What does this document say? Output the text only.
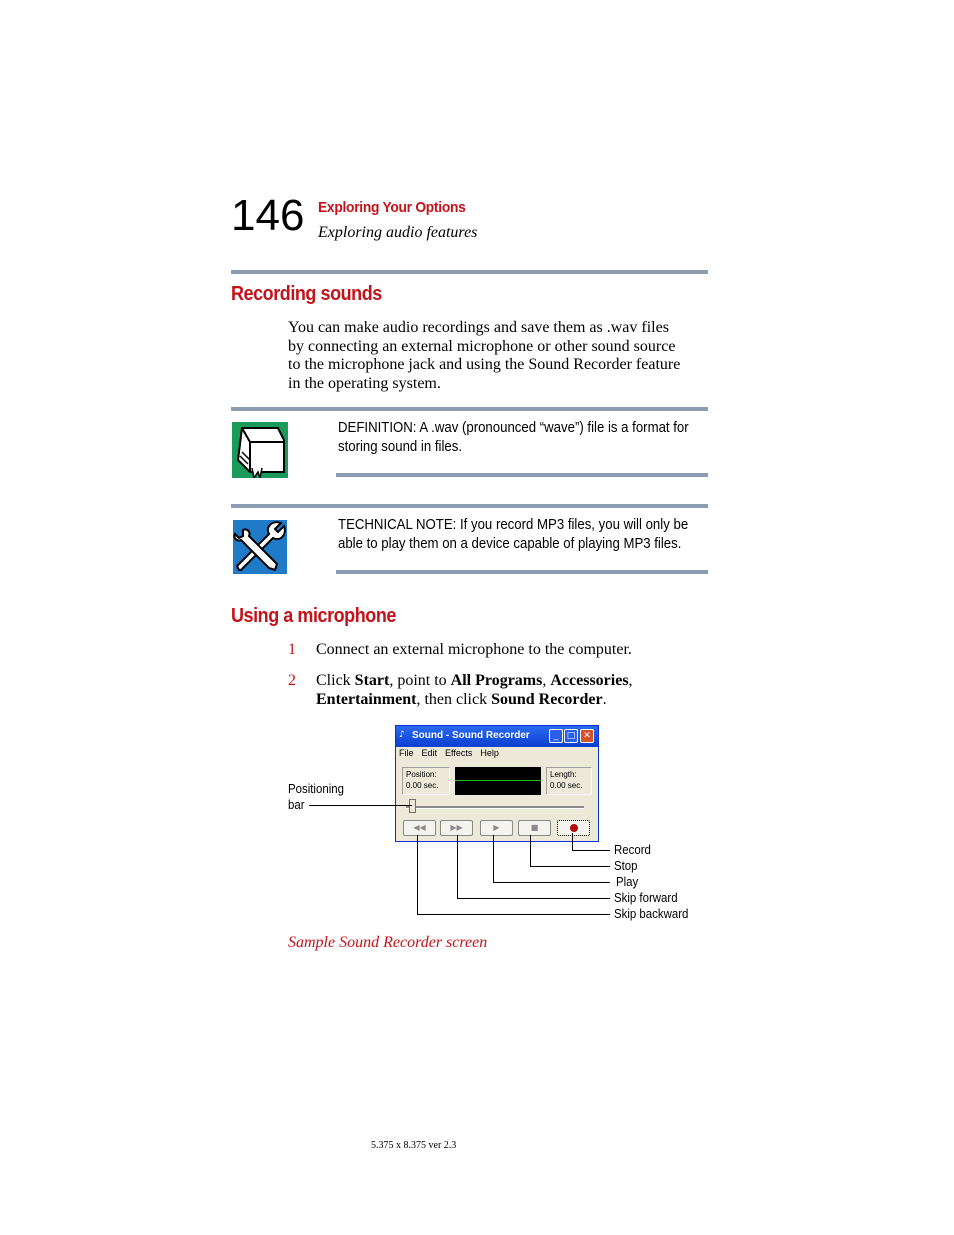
146 Exploring Your Options
Exploring audio features
Recording sounds
You can make audio recordings and save them as .wav files
by connecting an external microphone or other sound source
to the microphone jack and using the Sound Recorder feature
in the operating system.
DEFINITION: A .wav (pronounced “wave”) file is a format for
storing sound in files.
TECHNICAL NOTE: If you record MP3 files, you will only be
able to play them on a device capable of playing MP3 files.
Using a microphone
1 Connect an external microphone to the computer.
2 Click Start, point to All Programs, Accessories,
Entertainment, then click Sound Recorder.
♪ Sound - Sound Recorder	_ □ ✕
File Edit Effects Help
Position:
0.00 sec.
Length:
0.00 sec.
◀◀	▶▶	▶	■
Positioning
bar
Record
Stop
Play
Skip forward
Skip backward
Sample Sound Recorder screen
5.375 x 8.375 ver 2.3
